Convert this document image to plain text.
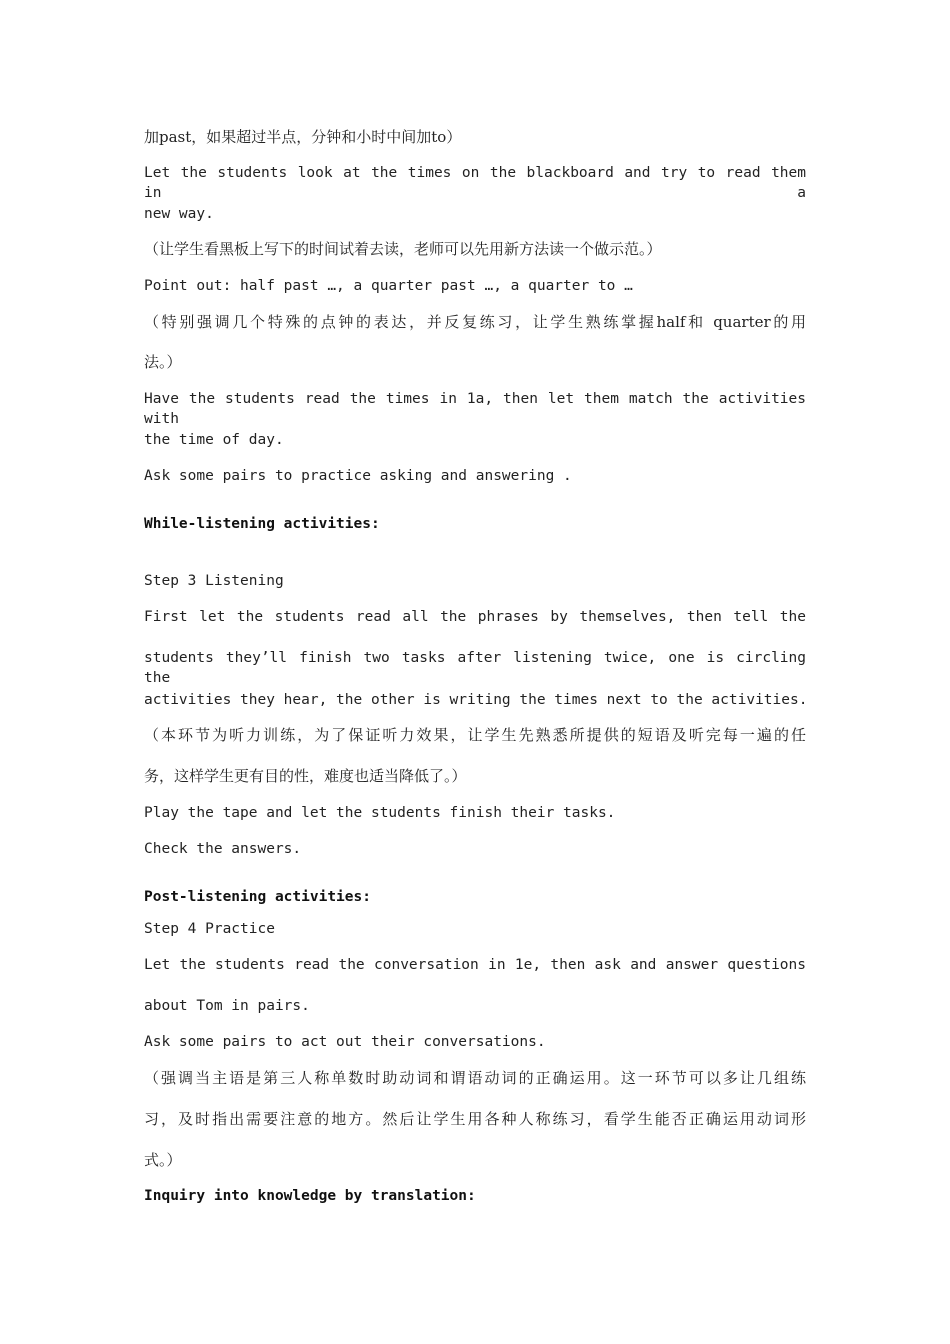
加past，如果超过半点，分钟和小时中间加to）
Let the students look at the times on the blackboard and try to read them in a
new way.
（让学生看黑板上写下的时间试着去读，老师可以先用新方法读一个做示范。）
Point out: half past …, a quarter past …, a quarter to …
（特别强调几个特殊的点钟的表达，并反复练习，让学生熟练掌握half和 quarter的用
法。）
Have the students read the times in 1a, then let them match the activities with
the time of day.
Ask some pairs to practice asking and answering .
While-listening activities:
Step 3 Listening
First let the students read all the phrases by themselves, then tell the
students they’ll finish two tasks after listening twice, one is circling the
activities they hear, the other is writing the times next to the activities.
（本环节为听力训练，为了保证听力效果，让学生先熟悉所提供的短语及听完每一遍的任
务，这样学生更有目的性，难度也适当降低了。）
Play the tape and let the students finish their tasks.
Check the answers.
Post-listening activities:
Step 4 Practice
Let the students read the conversation in 1e, then ask and answer questions
about Tom in pairs.
Ask some pairs to act out their conversations.
（强调当主语是第三人称单数时助动词和谓语动词的正确运用。这一环节可以多让几组练
习，及时指出需要注意的地方。然后让学生用各种人称练习，看学生能否正确运用动词形
式。）
Inquiry into knowledge by translation:
